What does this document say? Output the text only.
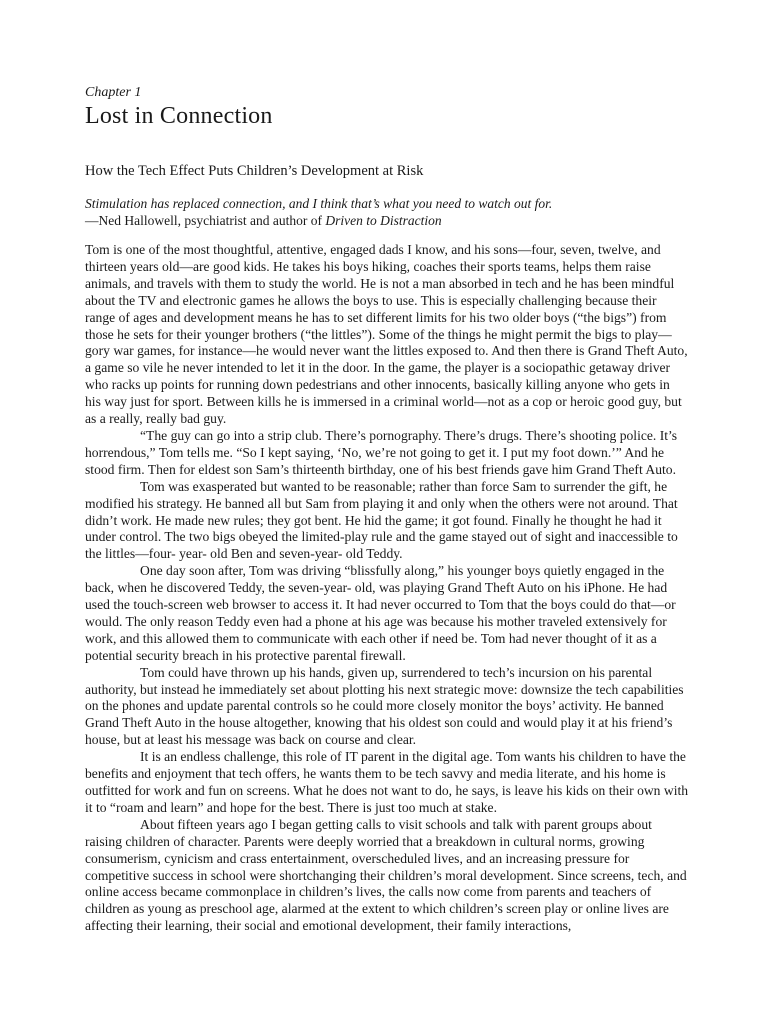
Chapter 1

Lost in Connection
How the Tech Effect Puts Children’s Development at Risk
Stimulation has replaced connection, and I think that’s what you need to watch out for.

—Ned Hallowell, psychiatrist and author of Driven to Distraction

Tom is one of the most thoughtful, attentive, engaged dads I know, and his sons—four, seven, twelve, and thirteen years old—are good kids. He takes his boys hiking, coaches their sports teams, helps them raise animals, and travels with them to study the world. He is not a man absorbed in tech and he has been mindful about the TV and electronic games he allows the boys to use. This is especially challenging because their range of ages and development means he has to set different limits for his two older boys (“the bigs”) from those he sets for their younger brothers (“the littles”). Some of the things he might permit the bigs to play—gory war games, for instance—he would never want the littles exposed to. And then there is Grand Theft Auto, a game so vile he never intended to let it in the door. In the game, the player is a sociopathic getaway driver who racks up points for running down pedestrians and other innocents, basically killing anyone who gets in his way just for sport. Between kills he is immersed in a criminal world—not as a cop or heroic good guy, but as a really, really bad guy.

“The guy can go into a strip club. There’s pornography. There’s drugs. There’s shooting police. It’s horrendous,” Tom tells me. “So I kept saying, ‘No, we’re not going to get it. I put my foot down.’” And he stood firm. Then for eldest son Sam’s thirteenth birthday, one of his best friends gave him Grand Theft Auto.

Tom was exasperated but wanted to be reasonable; rather than force Sam to surrender the gift, he modified his strategy. He banned all but Sam from playing it and only when the others were not around. That didn’t work. He made new rules; they got bent. He hid the game; it got found. Finally he thought he had it under control. The two bigs obeyed the limited-play rule and the game stayed out of sight and inaccessible to the littles—four- year- old Ben and seven-year- old Teddy.

One day soon after, Tom was driving “blissfully along,” his younger boys quietly engaged in the back, when he discovered Teddy, the seven-year- old, was playing Grand Theft Auto on his iPhone. He had used the touch-screen web browser to access it. It had never occurred to Tom that the boys could do that—or would. The only reason Teddy even had a phone at his age was because his mother traveled extensively for work, and this allowed them to communicate with each other if need be. Tom had never thought of it as a potential security breach in his protective parental firewall.

Tom could have thrown up his hands, given up, surrendered to tech’s incursion on his parental authority, but instead he immediately set about plotting his next strategic move: downsize the tech capabilities on the phones and update parental controls so he could more closely monitor the boys’ activity. He banned Grand Theft Auto in the house altogether, knowing that his oldest son could and would play it at his friend’s house, but at least his message was back on course and clear.

It is an endless challenge, this role of IT parent in the digital age. Tom wants his children to have the benefits and enjoyment that tech offers, he wants them to be tech savvy and media literate, and his home is outfitted for work and fun on screens. What he does not want to do, he says, is leave his kids on their own with it to “roam and learn” and hope for the best. There is just too much at stake.

About fifteen years ago I began getting calls to visit schools and talk with parent groups about raising children of character. Parents were deeply worried that a breakdown in cultural norms, growing consumerism, cynicism and crass entertainment, overscheduled lives, and an increasing pressure for competitive success in school were shortchanging their children’s moral development. Since screens, tech, and online access became commonplace in children’s lives, the calls now come from parents and teachers of children as young as preschool age, alarmed at the extent to which children’s screen play or online lives are affecting their learning, their social and emotional development, their family interactions,
